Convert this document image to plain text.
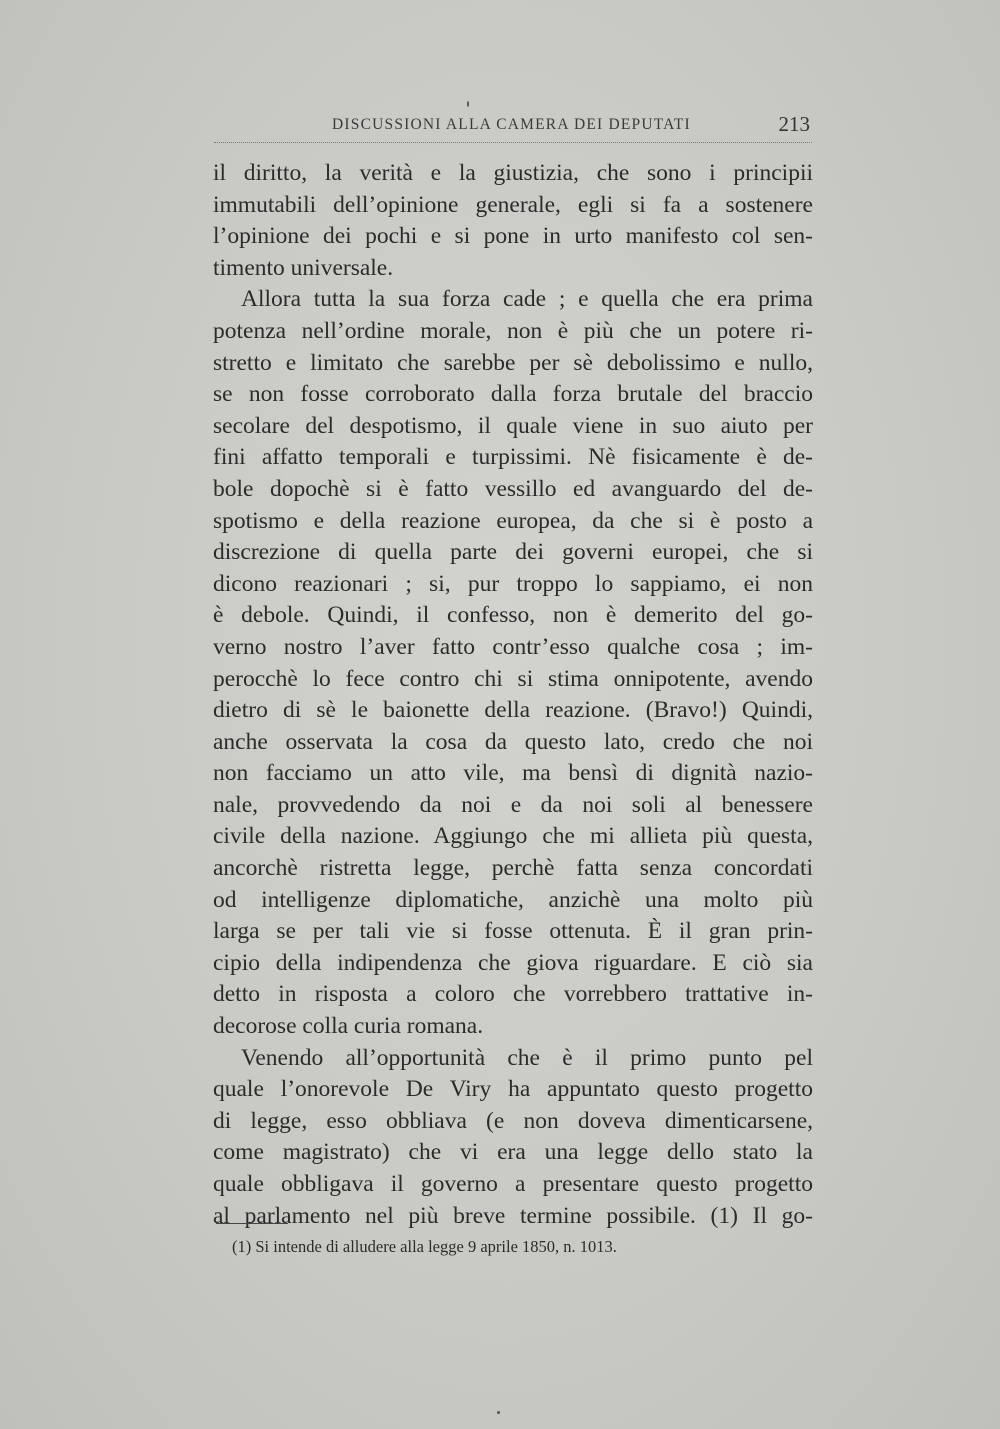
DISCUSSIONI ALLA CAMERA DEI DEPUTATI	213
il diritto, la verità e la giustizia, che sono i principii
immutabili dell’opinione generale, egli si fa a sostenere
l’opinione dei pochi e si pone in urto manifesto col sen-
timento universale.
Allora tutta la sua forza cade ; e quella che era prima
potenza nell’ordine morale, non è più che un potere ri-
stretto e limitato che sarebbe per sè debolissimo e nullo,
se non fosse corroborato dalla forza brutale del braccio
secolare del despotismo, il quale viene in suo aiuto per
fini affatto temporali e turpissimi. Nè fisicamente è de-
bole dopochè si è fatto vessillo ed avanguardo del de-
spotismo e della reazione europea, da che si è posto a
discrezione di quella parte dei governi europei, che si
dicono reazionari ; si, pur troppo lo sappiamo, ei non
è debole. Quindi, il confesso, non è demerito del go-
verno nostro l’aver fatto contr’esso qualche cosa ; im-
perocchè lo fece contro chi si stima onnipotente, avendo
dietro di sè le baionette della reazione. (Bravo!) Quindi,
anche osservata la cosa da questo lato, credo che noi
non facciamo un atto vile, ma bensì di dignità nazio-
nale, provvedendo da noi e da noi soli al benessere
civile della nazione. Aggiungo che mi allieta più questa,
ancorchè ristretta legge, perchè fatta senza concordati
od intelligenze diplomatiche, anzichè una molto più
larga se per tali vie si fosse ottenuta. È il gran prin-
cipio della indipendenza che giova riguardare. E ciò sia
detto in risposta a coloro che vorrebbero trattative in-
decorose colla curia romana.
Venendo all’opportunità che è il primo punto pel
quale l’onorevole De Viry ha appuntato questo progetto
di legge, esso obbliava (e non doveva dimenticarsene,
come magistrato) che vi era una legge dello stato la
quale obbligava il governo a presentare questo progetto
al parlamento nel più breve termine possibile. (1) Il go-
(1) Si intende di alludere alla legge 9 aprile 1850, n. 1013.
